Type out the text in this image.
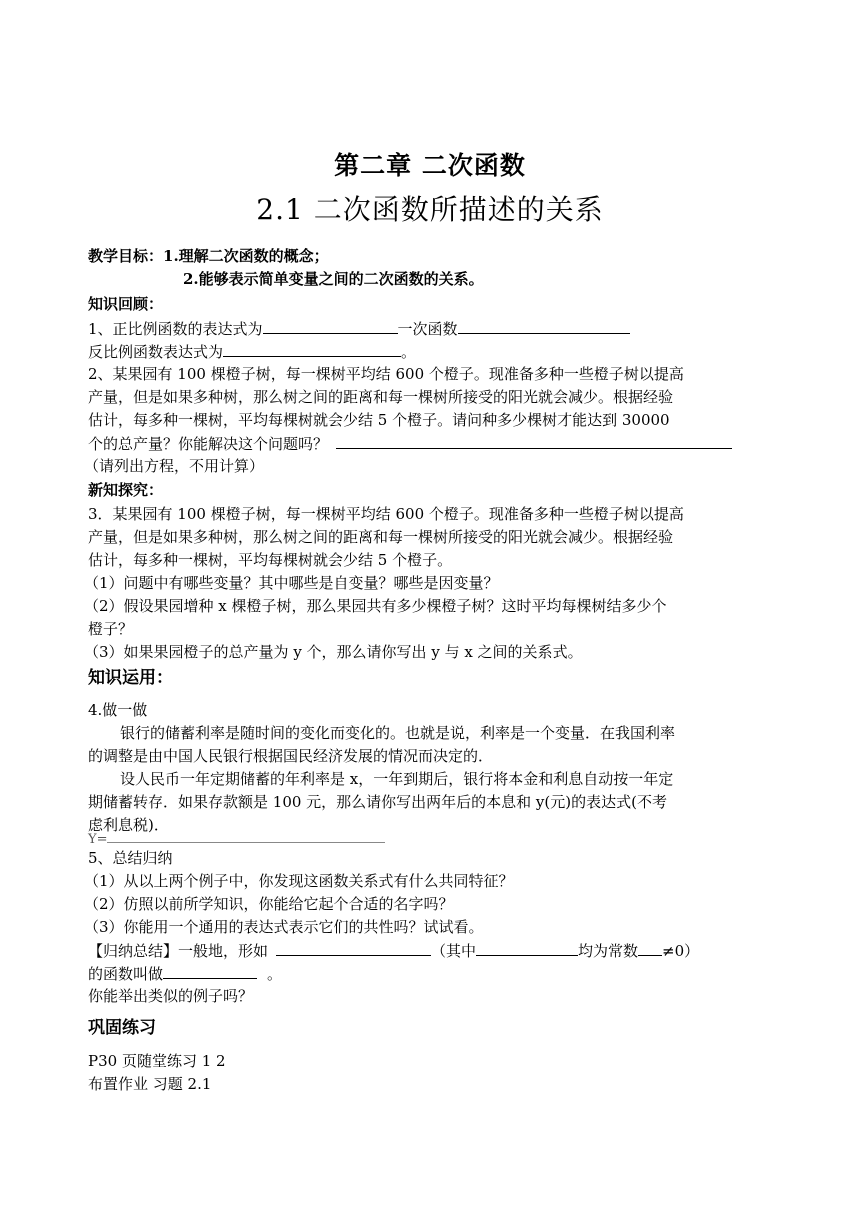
第二章 二次函数
2.1 二次函数所描述的关系
教学目标：1.理解二次函数的概念；
2.能够表示简单变量之间的二次函数的关系。
知识回顾：
1、正比例函数的表达式为	一次函数
反比例函数表达式为	。
2、某果园有 100 棵橙子树，每一棵树平均结 600 个橙子。现准备多种一些橙子树以提高
产量，但是如果多种树，那么树之间的距离和每一棵树所接受的阳光就会减少。根据经验
估计，每多种一棵树，平均每棵树就会少结 5 个橙子。请问种多少棵树才能达到 30000
个的总产量？你能解决这个问题吗？
（请列出方程，不用计算）
新知探究：
3．某果园有 100 棵橙子树，每一棵树平均结 600 个橙子。现准备多种一些橙子树以提高
产量，但是如果多种树，那么树之间的距离和每一棵树所接受的阳光就会减少。根据经验
估计，每多种一棵树，平均每棵树就会少结 5 个橙子。
（1）问题中有哪些变量？其中哪些是自变量？哪些是因变量？
（2）假设果园增种 x 棵橙子树，那么果园共有多少棵橙子树？这时平均每棵树结多少个
橙子？
（3）如果果园橙子的总产量为 y 个，那么请你写出 y 与 x 之间的关系式。
知识运用：
4.做一做
银行的储蓄利率是随时间的变化而变化的。也就是说，利率是一个变量．在我国利率
的调整是由中国人民银行根据国民经济发展的情况而决定的．
设人民币一年定期储蓄的年利率是 x，一年到期后，银行将本金和利息自动按一年定
期储蓄转存．如果存款额是 100 元，那么请你写出两年后的本息和 y(元)的表达式(不考
虑利息税)．
Y=
5、总结归纳
（1）从以上两个例子中，你发现这函数关系式有什么共同特征？
（2）仿照以前所学知识，你能给它起个合适的名字吗？
（3）你能用一个通用的表达式表示它们的共性吗？试试看。
【归纳总结】一般地，形如	（其中	均为常数 ≠0）
的函数叫做	。
你能举出类似的例子吗？
巩固练习
P30 页随堂练习 1 2
布置作业 习题 2.1
